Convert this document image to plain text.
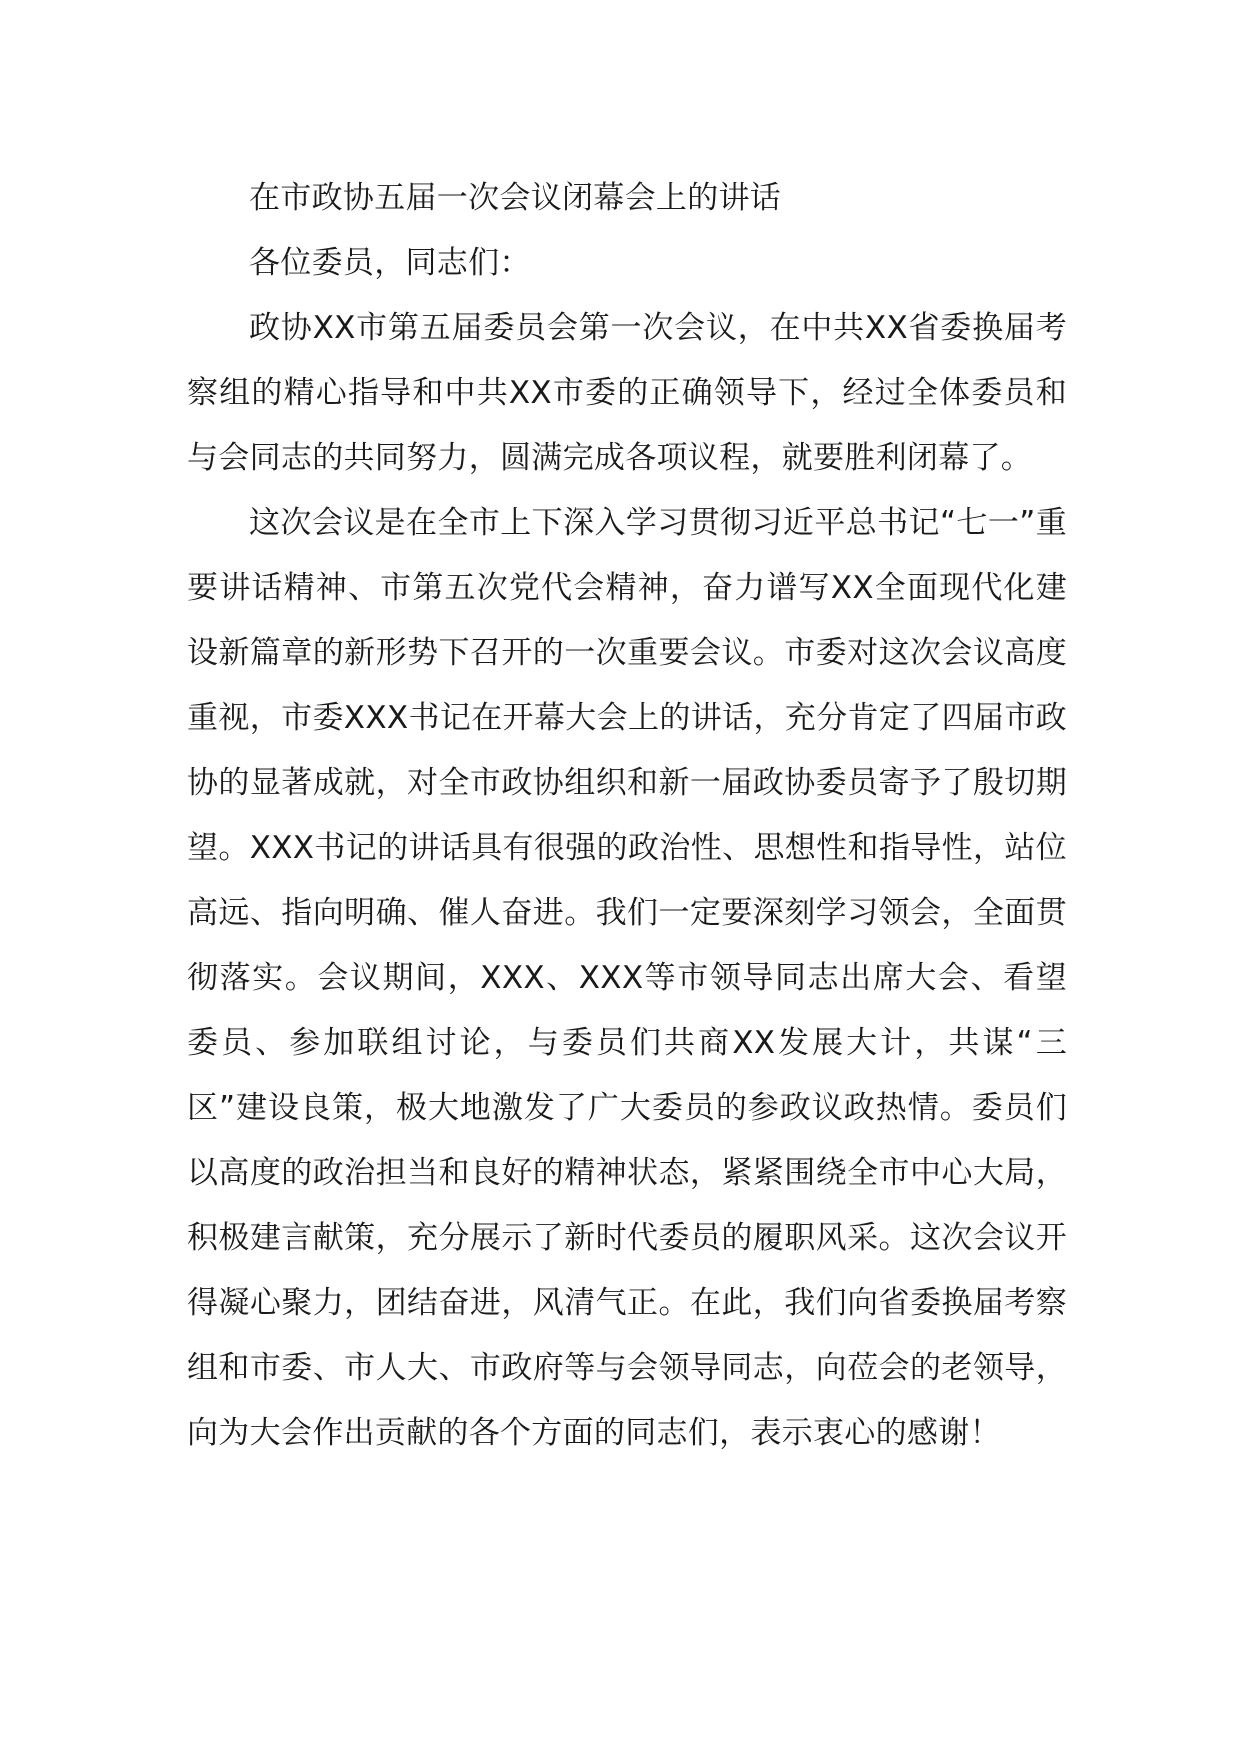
在市政协五届一次会议闭幕会上的讲话

各位委员，同志们：

政协XX市第五届委员会第一次会议，在中共XX省委换届考察组的精心指导和中共XX市委的正确领导下，经过全体委员和与会同志的共同努力，圆满完成各项议程，就要胜利闭幕了。

这次会议是在全市上下深入学习贯彻习近平总书记“七一”重要讲话精神、市第五次党代会精神，奋力谱写XX全面现代化建设新篇章的新形势下召开的一次重要会议。市委对这次会议高度重视，市委XXX书记在开幕大会上的讲话，充分肯定了四届市政协的显著成就，对全市政协组织和新一届政协委员寄予了殷切期望。XXX书记的讲话具有很强的政治性、思想性和指导性，站位高远、指向明确、催人奋进。我们一定要深刻学习领会，全面贯彻落实。会议期间，XXX、XXX等市领导同志出席大会、看望委员、参加联组讨论，与委员们共商XX发展大计，共谋“三区”建设良策，极大地激发了广大委员的参政议政热情。委员们以高度的政治担当和良好的精神状态，紧紧围绕全市中心大局，积极建言献策，充分展示了新时代委员的履职风采。这次会议开得凝心聚力，团结奋进，风清气正。在此，我们向省委换届考察组和市委、市人大、市政府等与会领导同志，向莅会的老领导，向为大会作出贡献的各个方面的同志们，表示衷心的感谢！
